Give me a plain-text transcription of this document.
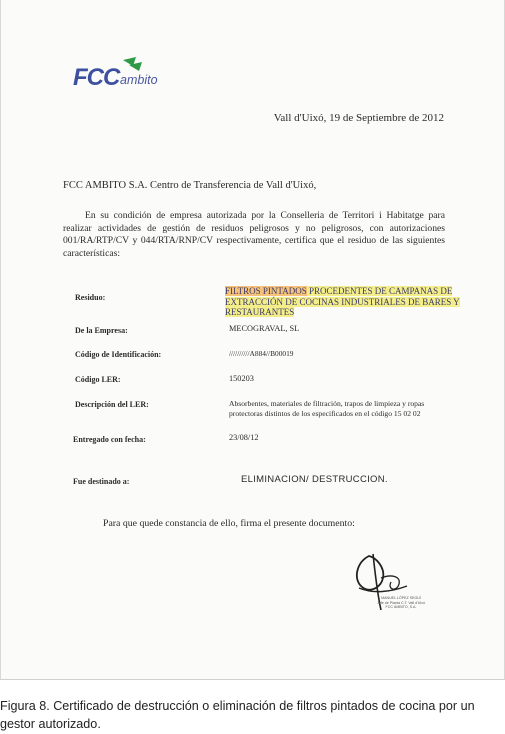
FCC ambito
Vall d'Uixó, 19 de Septiembre de 2012
FCC AMBITO S.A. Centro de Transferencia de Vall d'Uixó,

En su condición de empresa autorizada por la Conselleria de Territori i Habitatge para realizar actividades de gestión de residuos peligrosos y no peligrosos, con autorizaciones 001/RA/RTP/CV y 044/RTA/RNP/CV respectivamente, certifica que el residuo de las siguientes características:

Residuo:
FILTROS PINTADOS PROCEDENTES DE CAMPANAS DE EXTRACCIÓN DE COCINAS INDUSTRIALES DE BARES Y RESTAURANTES
De la Empresa:	MECOGRAVAL, SL
Código de Identificación:	//////////A884//B00019
Código LER:	150203
Descripción del LER:	Absorbentes, materiales de filtración, trapos de limpieza y ropas protectoras distintos de los especificados en el código 15 02 02
Entregado con fecha:	23/08/12
Fue destinado a:	ELIMINACION/ DESTRUCCION.
Para que quede constancia de ello, firma el presente documento:
MANUEL LÓPEZ SEGUÍ
Jefe de Planta C.T. Vall d'Uixó
FCC ÁMBITO, S.A.
Figura 8. Certificado de destrucción o eliminación de filtros pintados de cocina por un gestor autorizado.
